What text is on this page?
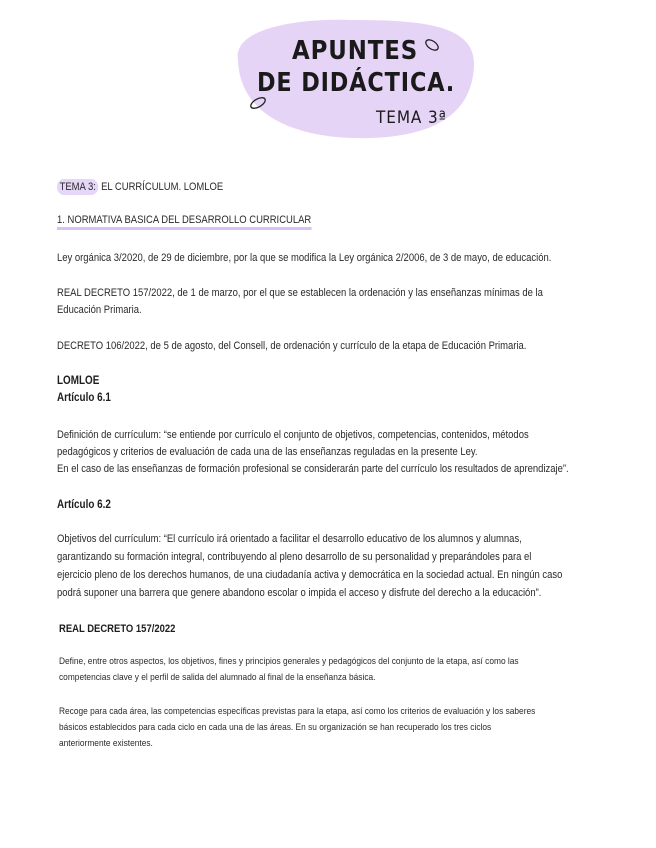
APUNTES
DE DIDÁCTICA.
TEMA 3ª
TEMA 3: EL CURRÍCULUM. LOMLOE
1. NORMATIVA BASICA DEL DESARROLLO CURRICULAR
Ley orgánica 3/2020, de 29 de diciembre, por la que se modifica la Ley orgánica 2/2006, de 3 de mayo, de educación.
REAL DECRETO 157/2022, de 1 de marzo, por el que se establecen la ordenación y las enseñanzas mínimas de la
Educación Primaria.
DECRETO 106/2022, de 5 de agosto, del Consell, de ordenación y currículo de la etapa de Educación Primaria.
LOMLOE
Artículo 6.1
Definición de currículum: “se entiende por currículo el conjunto de objetivos, competencias, contenidos, métodos
pedagógicos y criterios de evaluación de cada una de las enseñanzas reguladas en la presente Ley.
En el caso de las enseñanzas de formación profesional se considerarán parte del currículo los resultados de aprendizaje”.
Artículo 6.2
Objetivos del currículum: “El currículo irá orientado a facilitar el desarrollo educativo de los alumnos y alumnas,
garantizando su formación integral, contribuyendo al pleno desarrollo de su personalidad y preparándoles para el
ejercicio pleno de los derechos humanos, de una ciudadanía activa y democrática en la sociedad actual. En ningún caso
podrá suponer una barrera que genere abandono escolar o impida el acceso y disfrute del derecho a la educación”.
REAL DECRETO 157/2022
Define, entre otros aspectos, los objetivos, fines y principios generales y pedagógicos del conjunto de la etapa, así como las
competencias clave y el perfil de salida del alumnado al final de la enseñanza básica.
Recoge para cada área, las competencias específicas previstas para la etapa, así como los criterios de evaluación y los saberes
básicos establecidos para cada ciclo en cada una de las áreas. En su organización se han recuperado los tres ciclos
anteriormente existentes.
